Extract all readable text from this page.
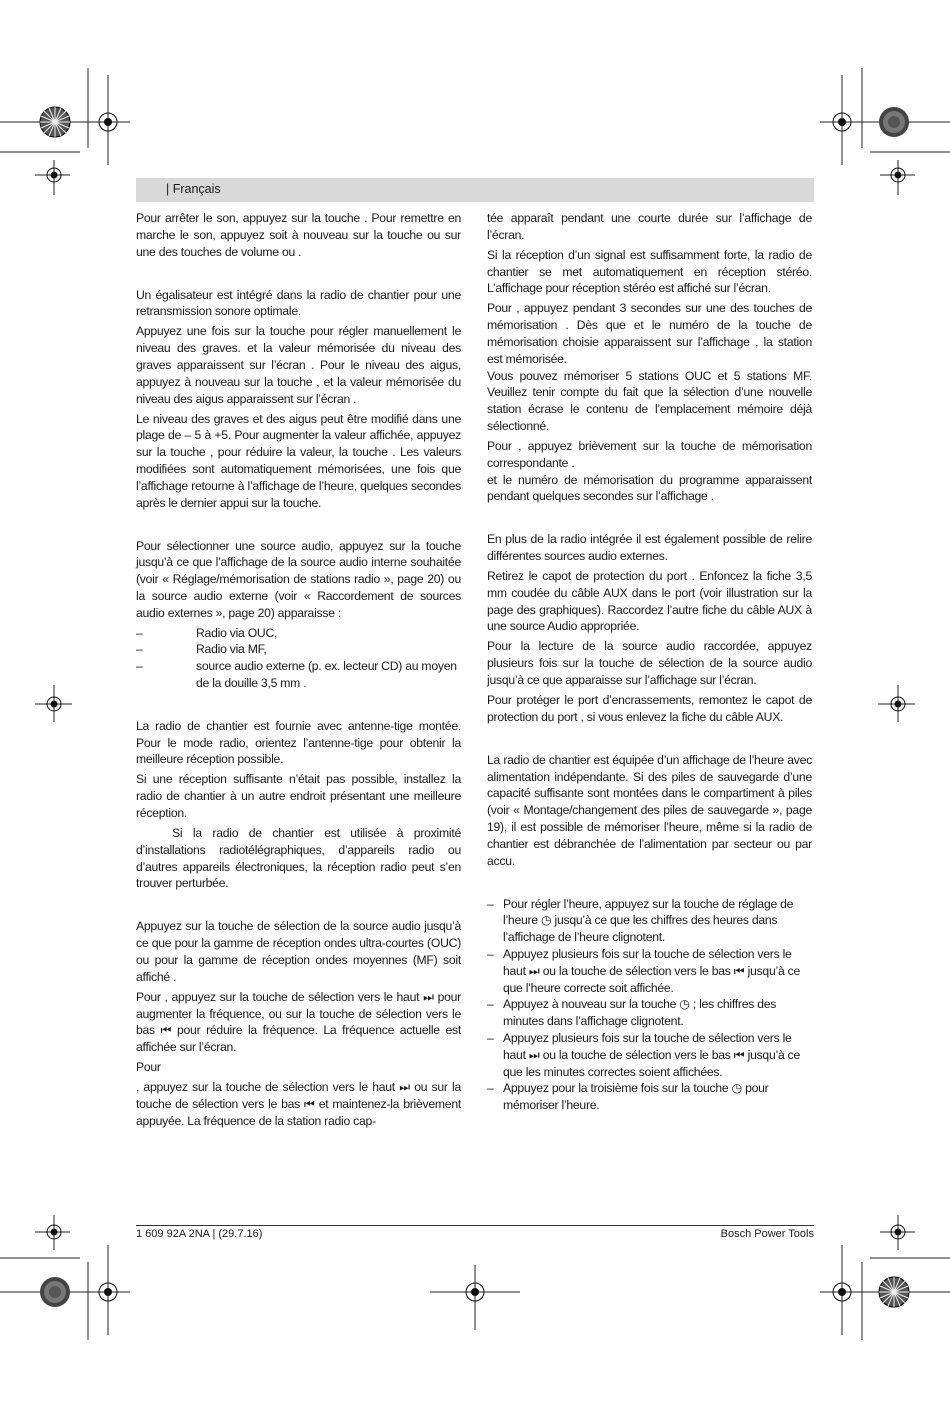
| Français

Pour arrêter le son, appuyez sur la touche . Pour remettre en marche le son, appuyez soit à nouveau sur la touche ou sur une des touches de volume ou .

Un égalisateur est intégré dans la radio de chantier pour une retransmission sonore optimale.

Appuyez une fois sur la touche pour régler manuellement le niveau des graves. et la valeur mémorisée du niveau des graves apparaissent sur l’écran . Pour le niveau des aigus, appuyez à nouveau sur la touche , et la valeur mémorisée du niveau des aigus apparaissent sur l’écran .

Le niveau des graves et des aigus peut être modifié dans une plage de – 5 à +5. Pour augmenter la valeur affichée, appuyez sur la touche , pour réduire la valeur, la touche . Les valeurs modifiées sont automatiquement mémorisées, une fois que l’affichage retourne à l’affichage de l’heure, quelques secondes après le dernier appui sur la touche.

Pour sélectionner une source audio, appuyez sur la touche jusqu’à ce que l’affichage de la source audio interne souhaitée (voir « Réglage/mémorisation de stations radio », page 20) ou la source audio externe (voir « Raccordement de sources audio externes », page 20) apparaisse :

– Radio via OUC,
– Radio via MF,
– source audio externe (p. ex. lecteur CD) au moyen de la douille 3,5 mm .

La radio de chantier est fournie avec antenne-tige montée. Pour le mode radio, orientez l’antenne-tige pour obtenir la meilleure réception possible.

Si une réception suffisante n’était pas possible, installez la radio de chantier à un autre endroit présentant une meilleure réception.

Si la radio de chantier est utilisée à proximité d’installations radiotélégraphiques, d’appareils radio ou d’autres appareils électroniques, la réception radio peut s’en trouver perturbée.

Appuyez sur la touche de sélection de la source audio jusqu’à ce que pour la gamme de réception ondes ultra-courtes (OUC) ou pour la gamme de réception ondes moyennes (MF) soit affiché .

Pour , appuyez sur la touche de sélection vers le haut ⏭ pour augmenter la fréquence, ou sur la touche de sélection vers le bas ⏮ pour réduire la fréquence. La fréquence actuelle est affichée sur l’écran.

Pour

, appuyez sur la touche de sélection vers le haut ⏭ ou sur la touche de sélection vers le bas ⏮ et maintenez-la brièvement appuyée. La fréquence de la station radio cap-

tée apparaît pendant une courte durée sur l’affichage de l’écran.

Si la réception d’un signal est suffisamment forte, la radio de chantier se met automatiquement en réception stéréo. L’affichage pour réception stéréo est affiché sur l’écran.

Pour , appuyez pendant 3 secondes sur une des touches de mémorisation . Dès que et le numéro de la touche de mémorisation choisie apparaissent sur l’affichage , la station est mémorisée.

Vous pouvez mémoriser 5 stations OUC et 5 stations MF. Veuillez tenir compte du fait que la sélection d’une nouvelle station écrase le contenu de l’emplacement mémoire déjà sélectionné.

Pour , appuyez brièvement sur la touche de mémorisation correspondante .

et le numéro de mémorisation du programme apparaissent pendant quelques secondes sur l’affichage .

En plus de la radio intégrée il est également possible de relire différentes sources audio externes.

Retirez le capot de protection du port . Enfoncez la fiche 3,5 mm coudée du câble AUX dans le port (voir illustration sur la page des graphiques). Raccordez l’autre fiche du câble AUX à une source Audio appropriée.

Pour la lecture de la source audio raccordée, appuyez plusieurs fois sur la touche de sélection de la source audio jusqu’à ce que apparaisse sur l’affichage sur l’écran.

Pour protéger le port d’encrassements, remontez le capot de protection du port , si vous enlevez la fiche du câble AUX.

La radio de chantier est équipée d’un affichage de l’heure avec alimentation indépendante. Si des piles de sauvegarde d’une capacité suffisante sont montées dans le compartiment à piles (voir « Montage/changement des piles de sauvegarde », page 19), il est possible de mémoriser l’heure, même si la radio de chantier est débranchée de l’alimentation par secteur ou par accu.

– Pour régler l’heure, appuyez sur la touche de réglage de l’heure ◷ jusqu’à ce que les chiffres des heures dans l’affichage de l’heure clignotent.
– Appuyez plusieurs fois sur la touche de sélection vers le haut ⏭ ou la touche de sélection vers le bas ⏮ jusqu’à ce que l’heure correcte soit affichée.
– Appuyez à nouveau sur la touche ◷ ; les chiffres des minutes dans l’affichage clignotent.
– Appuyez plusieurs fois sur la touche de sélection vers le haut ⏭ ou la touche de sélection vers le bas ⏮ jusqu’à ce que les minutes correctes soient affichées.
– Appuyez pour la troisième fois sur la touche ◷ pour mémoriser l’heure.
1 609 92A 2NA | (29.7.16)	Bosch Power Tools
